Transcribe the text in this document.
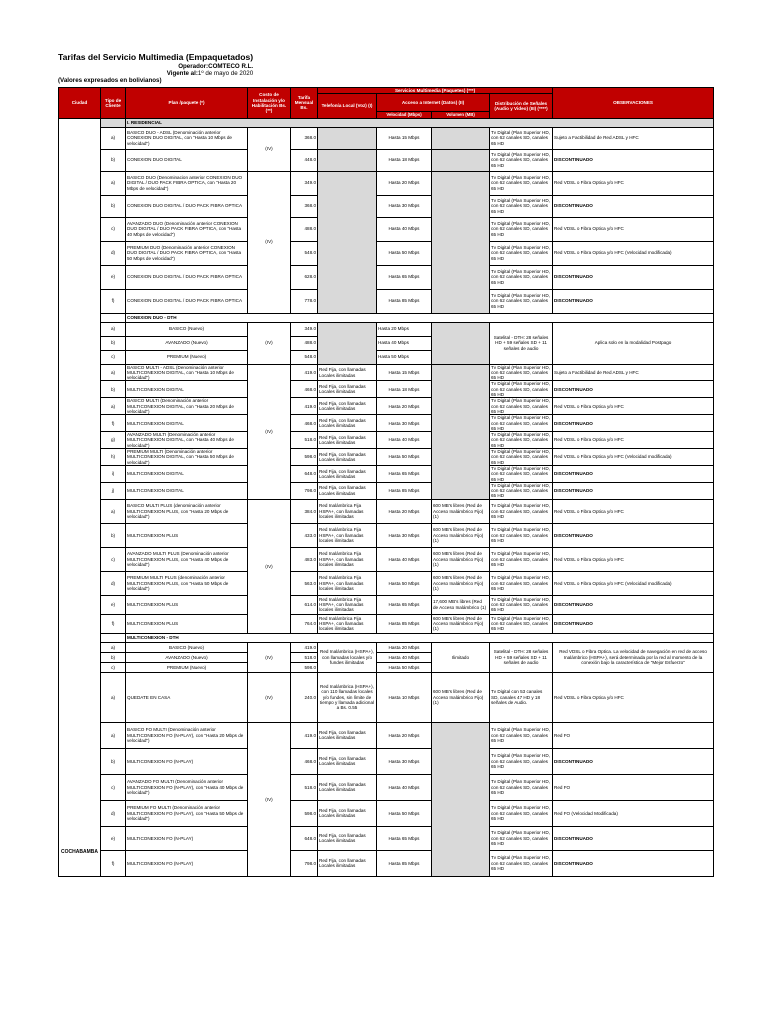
Tarifas del Servicio Multimedia (Empaquetados)
Operador:COMTECO R.L.
Vigente al:1º de mayo de 2020
(Valores expresados en bolivianos)
Ciudad	Tipo de Cliente	Plan /paquete (*)	Costo de Instalación y/o Habilitación Bs. (**)	Tarifa Mensual Bs.	Servicios Multimedia (Paquetes) (***)				OBSERVACIONES
					Telefonía Local (Voz) (I)	Acceso a Internet (Datos) (II)		Distribución de Señales (Audio y Video) (III) (****)	
						Velocidad (Mbps)	Volumen (MB)		
COCHABAMBA		I. RESIDENCIAL							
	a)	BASICO DUO - ADSL (Denominación anterior CONEXION DUO DIGITAL, con "Hasta 10 Mbps de velocidad")	(IV)	368.0		Hasta 15 Mbps		Tv Digital (Plan Superior HD, con 62 canales SD, canales 65 HD	Sujeto a Factibilidad de Red ADSL y HFC
	b)	CONEXION DUO DIGITAL		448.0		Hasta 18 Mbps		Tv Digital (Plan Superior HD, con 62 canales SD, canales 65 HD	DISCONTINUADO
	a)	BASICO DUO (Denominacion anterior CONEXION DUO DIGITAL / DUO PACK FIBRA OPTICA, con "Hasta 20 Mbps de velocidad")	(IV)	349.0		Hasta 20 Mbps		Tv Digital (Plan Superior HD, con 62 canales SD, canales 65 HD	Red VDSL o Fibra Optica y/o HFC
	b)	CONEXION DUO DIGITAL / DUO PACK FIBRA OPTICA		368.0		Hasta 30 Mbps		Tv Digital (Plan Superior HD, con 62 canales SD, canales 65 HD	DISCONTINUADO
	c)	AVANZADO DUO (Denominación anterior CONEXION DUO DIGITAL / DUO PACK FIBRA OPTICA, con "Hasta 40 Mbps de velocidad")		488.0		Hasta 40 Mbps		Tv Digital (Plan Superior HD, con 62 canales SD, canales 65 HD	Red VDSL o Fibra Optica y/o HFC
	d)	PREMIUM DUO (Denominación anterior CONEXION DUO DIGITAL / DUO PACK FIBRA OPTICA, con "Hasta 50 Mbps de velocidad")		548.0		Hasta 50 Mbps		Tv Digital (Plan Superior HD, con 62 canales SD, canales 65 HD	Red VDSL o Fibra Optica y/o HFC (Velocidad modificada)
	e)	CONEXION DUO DIGITAL / DUO PACK FIBRA OPTICA		628.0		Hasta 65 Mbps		Tv Digital (Plan Superior HD, con 62 canales SD, canales 65 HD	DISCONTINUADO
	f)	CONEXION DUO DIGITAL / DUO PACK FIBRA OPTICA		778.0		Hasta 85 Mbps		Tv Digital (Plan Superior HD, con 62 canales SD, canales 65 HD	DISCONTINUADO
		CONEXION DUO - DTH							
	a)	BASICO (Nuevo)	(IV)	349.0		Hasta 20 Mbps		Satelital - DTH: 28 señales HD + 59 señales SD + 11 señales de audio	Aplica solo en la modalidad Postpago
	b)	AVANZADO (Nuevo)		488.0		Hasta 40 Mbps			
	c)	PREMIUM (Nuevo)		548.0		Hasta 50 Mbps			
	a)	BASICO MULTI - ADSL (Denominación anterior MULTICONEXION DIGITAL, con "Hasta 10 Mbps de velocidad")	(IV)	419.0	Red Fija, con llamadas Locales ilimitadas	Hasta 15 Mbps		Tv Digital (Plan Superior HD, con 62 canales SD, canales 65 HD	Sujeto a Factibilidad de Red ADSL y HFC
	b)	MULTICONEXION DIGITAL		468.0	Red Fija, con llamadas Locales ilimitadas	Hasta 18 Mbps		Tv Digital (Plan Superior HD, con 62 canales SD, canales 65 HD	DISCONTINUADO
	a)	BASICO MULTI (Denominación anterior MULTICONEXION DIGITAL, con "Hasta 20 Mbps de velocidad")		419.0	Red Fija, con llamadas Locales ilimitadas	Hasta 20 Mbps		Tv Digital (Plan Superior HD, con 62 canales SD, canales 65 HD	Red VDSL o Fibra Optica y/o HFC
	f)	MULTICONEXION DIGITAL		468.0	Red Fija, con llamadas Locales ilimitadas	Hasta 30 Mbps		Tv Digital (Plan Superior HD, con 62 canales SD, canales 65 HD	DISCONTINUADO
	g)	AVANZADO MULTI (Denominación anterior MULTICONEXION DIGITAL, con "Hasta 40 Mbps de velocidad")		518.0	Red Fija, con llamadas Locales ilimitadas	Hasta 40 Mbps		Tv Digital (Plan Superior HD, con 62 canales SD, canales 65 HD	Red VDSL o Fibra Optica y/o HFC
	h)	PREMIUM MULTI (Denominación anterior MULTICONEXION DIGITAL, con "Hasta 50 Mbps de velocidad")		598.0	Red Fija, con llamadas Locales ilimitadas	Hasta 50 Mbps		Tv Digital (Plan Superior HD, con 62 canales SD, canales 65 HD	Red VDSL o Fibra Optica y/o HFC (Velocidad modificada)
	i)	MULTICONEXION DIGITAL		648.0	Red Fija, con llamadas Locales ilimitadas	Hasta 65 Mbps		Tv Digital (Plan Superior HD, con 62 canales SD, canales 65 HD	DISCONTINUADO
	j)	MULTICONEXION DIGITAL		798.0	Red Fija, con llamadas Locales ilimitadas	Hasta 85 Mbps		Tv Digital (Plan Superior HD, con 62 canales SD, canales 65 HD	DISCONTINUADO
	a)	BASICO MULTI PLUS (denominación anterior MULTICONEXION PLUS, con "Hasta 20 Mbps de velocidad")	(IV)	384.0	Red Inalámbrica Fija HSPA+, con llamadas locales ilimitadas	Hasta 20 Mbps	600 MB's libres (Red de Acceso Inalámbrico Fijo) (1)	Tv Digital (Plan Superior HD, con 62 canales SD, canales 65 HD	Red VDSL o Fibra Optica y/o HFC
	b)	MULTICONEXION PLUS		433.0	Red Inalámbrica Fija HSPA+, con llamadas locales ilimitadas	Hasta 30 Mbps	600 MB's libres (Red de Acceso Inalámbrico Fijo) (1)	Tv Digital (Plan Superior HD, con 62 canales SD, canales 65 HD	DISCONTINUADO
	c)	AVANZADO MULTI PLUS (Denominación anterior MULTICONEXION PLUS, con "Hasta 40 Mbps de velocidad")		483.0	Red Inalámbrica Fija HSPA+, con llamadas locales ilimitadas	Hasta 40 Mbps	600 MB's libres (Red de Acceso Inalámbrico Fijo) (1)	Tv Digital (Plan Superior HD, con 62 canales SD, canales 65 HD	Red VDSL o Fibra Optica y/o HFC
	d)	PREMIUM MULTI PLUS (denominación anterior MULTICONEXION PLUS, con "Hasta 50 Mbps de velocidad")		563.0	Red Inalámbrica Fija HSPA+, con llamadas locales ilimitadas	Hasta 50 Mbps	600 MB's libres (Red de Acceso Inalámbrico Fijo) (1)	Tv Digital (Plan Superior HD, con 62 canales SD, canales 65 HD	Red VDSL o Fibra Optica y/o HFC (Velocidad modificada)
	e)	MULTICONEXION PLUS		614.0	Red Inalámbrica Fija HSPA+, con llamadas locales ilimitadas	Hasta 65 Mbps	17,600 MB's libres (Red de Acceso Inalámbrico (1)	Tv Digital (Plan Superior HD, con 62 canales SD, canales 65 HD	DISCONTINUADO
	f)	MULTICONEXION PLUS		764.0	Red Inalámbrica Fija HSPA+, con llamadas locales ilimitadas	Hasta 85 Mbps	600 MB's libres (Red de Acceso Inalámbrico Fijo) (1)	Tv Digital (Plan Superior HD, con 62 canales SD, canales 65 HD	DISCONTINUADO
		MULTICONEXION - DTH							
	a)	BASICO (Nuevo)	(IV)	419.0	Red Inalámbrica (HSPA+), con llamadas locales y/o fundes ilimitadas	Hasta 20 Mbps	Ilimitado	Satelital - DTH: 28 señales HD + 59 señales SD + 11 señales de audio	Red VDSL o Fibra Optica. La velocidad de navegación en red de acceso Inalámbrico (HSPA+), será determinada por la red al momento de la conexión bajo la característica de "Mejor Esfuerzo"
	b)	AVANZADO (Nuevo)		518.0		Hasta 40 Mbps			
	c)	PREMIUM (Nuevo)		598.0		Hasta 50 Mbps			
	a)	QUEDATE EN CASA	(IV)	240.0	Red Inalámbrica (HSPA+), con 110 llamadas locales y/o fundes, sin límite de tiempo y llamada adicional a Bs. 0.55	Hasta 10 Mbps	600 MB's libres (Red de Acceso Inalámbrico Fijo) (1)	Tv Digital con 53 canales SD, canales 47 HD y 18 señales de Audio.	Red VDSL o Fibra Optica y/o HFC
	a)	BASICO FO MULTI (Denominación anterior MULTICONEXION FO (N-PLAY), con "Hasta 20 Mbps de velocidad")	(IV)	419.0	Red Fija, con llamadas Locales ilimitadas	Hasta 20 Mbps		Tv Digital (Plan Superior HD, con 62 canales SD, canales 65 HD	Red FO
	b)	MULTICONEXION FO (N-PLAY)		468.0	Red Fija, con llamadas Locales ilimitadas	Hasta 30 Mbps		Tv Digital (Plan Superior HD, con 62 canales SD, canales 65 HD	DISCONTINUADO
	c)	AVANZADO FO MULTI (Denominación anterior MULTICONEXION FO (N-PLAY), con "Hasta 40 Mbps de velocidad")		518.0	Red Fija, con llamadas Locales ilimitadas	Hasta 40 Mbps		Tv Digital (Plan Superior HD, con 62 canales SD, canales 65 HD	Red FO
	d)	PREMIUM FO MULTI (Denominación anterior MULTICONEXION FO (N-PLAY), con "Hasta 50 Mbps de velocidad")		598.0	Red Fija, con llamadas Locales ilimitadas	Hasta 50 Mbps		Tv Digital (Plan Superior HD, con 62 canales SD, canales 65 HD	Red FO (Velocidad Modificada)
	e)	MULTICONEXION FO (N-PLAY)		648.0	Red Fija, con llamadas Locales ilimitadas	Hasta 65 Mbps		Tv Digital (Plan Superior HD, con 62 canales SD, canales 65 HD	DISCONTINUADO
	f)	MULTICONEXION FO (N-PLAY)		798.0	Red Fija, con llamadas Locales ilimitadas	Hasta 85 Mbps		Tv Digital (Plan Superior HD, con 62 canales SD, canales 65 HD	DISCONTINUADO
